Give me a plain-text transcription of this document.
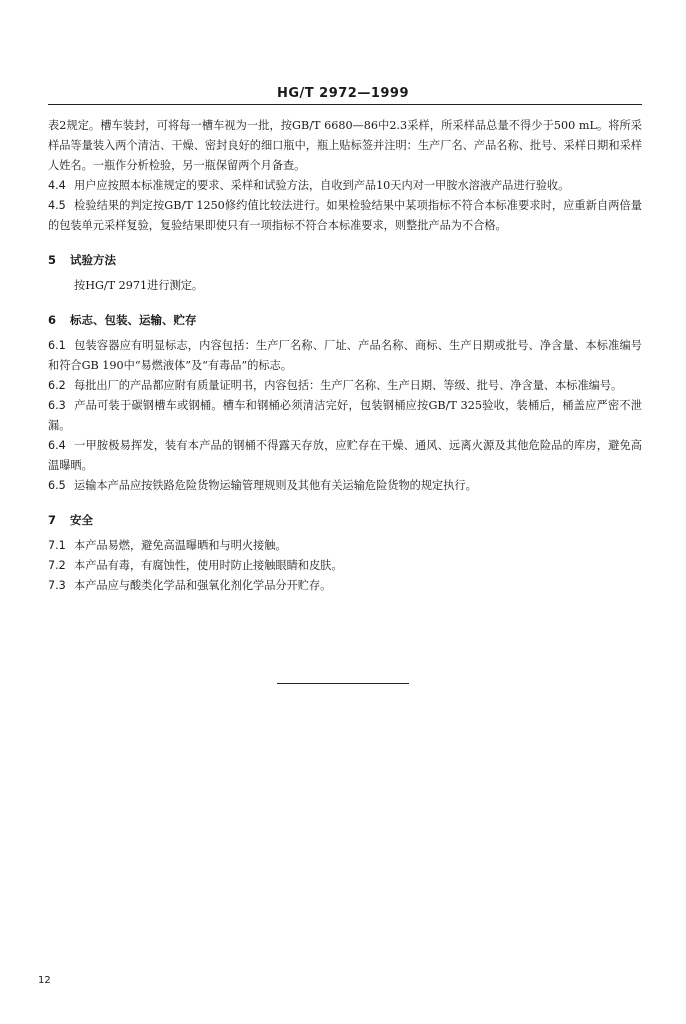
HG/T 2972—1999

表2规定。槽车装封，可将每一槽车视为一批，按GB/T 6680—86中2.3采样，所采样品总量不得少于500 mL。将所采样品等量装入两个清洁、干燥、密封良好的细口瓶中，瓶上贴标签并注明：生产厂名、产品名称、批号、采样日期和采样人姓名。一瓶作分析检验，另一瓶保留两个月备查。

4.4 用户应按照本标准规定的要求、采样和试验方法，自收到产品10天内对一甲胺水溶液产品进行验收。

4.5 检验结果的判定按GB/T 1250修约值比较法进行。如果检验结果中某项指标不符合本标准要求时，应重新自两倍量的包装单元采样复验，复验结果即使只有一项指标不符合本标准要求，则整批产品为不合格。

5 试验方法

按HG/T 2971进行测定。

6 标志、包装、运输、贮存

6.1 包装容器应有明显标志，内容包括：生产厂名称、厂址、产品名称、商标、生产日期或批号、净含量、本标准编号和符合GB 190中“易燃液体”及“有毒品”的标志。

6.2 每批出厂的产品都应附有质量证明书，内容包括：生产厂名称、生产日期、等级、批号、净含量、本标准编号。

6.3 产品可装于碳钢槽车或钢桶。槽车和钢桶必须清洁完好，包装钢桶应按GB/T 325验收，装桶后，桶盖应严密不泄漏。

6.4 一甲胺极易挥发，装有本产品的钢桶不得露天存放，应贮存在干燥、通风、远离火源及其他危险品的库房，避免高温曝晒。

6.5 运输本产品应按铁路危险货物运输管理规则及其他有关运输危险货物的规定执行。

7 安全

7.1 本产品易燃，避免高温曝晒和与明火接触。

7.2 本产品有毒，有腐蚀性，使用时防止接触眼睛和皮肤。

7.3 本产品应与酸类化学品和强氧化剂化学品分开贮存。

12
